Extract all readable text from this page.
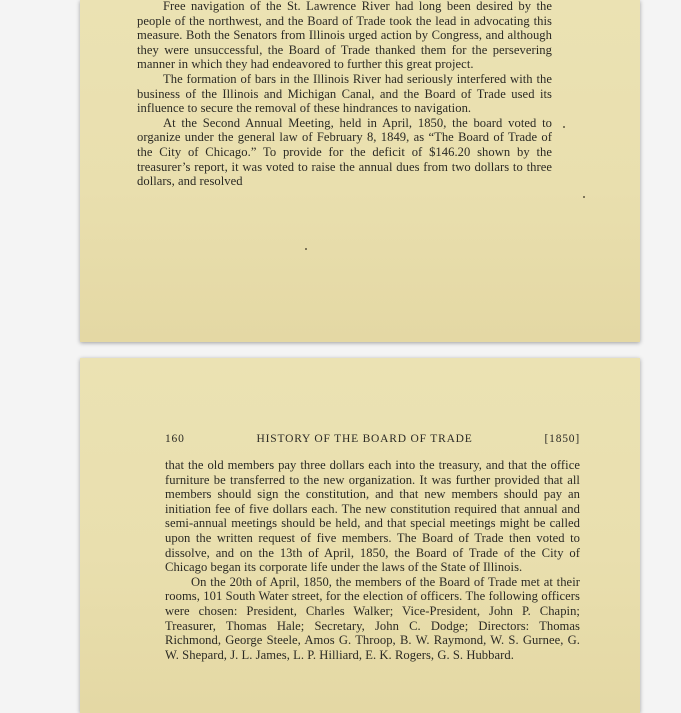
Free navigation of the St. Lawrence River had long been desired by the people of the northwest, and the Board of Trade took the lead in advocating this measure. Both the Senators from Illinois urged action by Congress, and although they were unsuccessful, the Board of Trade thanked them for the persevering manner in which they had endeavored to further this great project.

The formation of bars in the Illinois River had seriously interfered with the business of the Illinois and Michigan Canal, and the Board of Trade used its influence to secure the removal of these hindrances to navigation.

At the Second Annual Meeting, held in April, 1850, the board voted to organize under the general law of February 8, 1849, as “The Board of Trade of the City of Chicago.” To provide for the deficit of $146.20 shown by the treasurer’s report, it was voted to raise the annual dues from two dollars to three dollars, and resolved

160	HISTORY OF THE BOARD OF TRADE	[1850]

that the old members pay three dollars each into the treasury, and that the office furniture be transferred to the new organization. It was further provided that all members should sign the constitution, and that new members should pay an initiation fee of five dollars each. The new constitution required that annual and semi-annual meetings should be held, and that special meetings might be called upon the written request of five members. The Board of Trade then voted to dissolve, and on the 13th of April, 1850, the Board of Trade of the City of Chicago began its corporate life under the laws of the State of Illinois.

On the 20th of April, 1850, the members of the Board of Trade met at their rooms, 101 South Water street, for the election of officers. The following officers were chosen: President, Charles Walker; Vice-President, John P. Chapin; Treasurer, Thomas Hale; Secretary, John C. Dodge; Directors: Thomas Richmond, George Steele, Amos G. Throop, B. W. Raymond, W. S. Gurnee, G. W. Shepard, J. L. James, L. P. Hilliard, E. K. Rogers, G. S. Hubbard.
